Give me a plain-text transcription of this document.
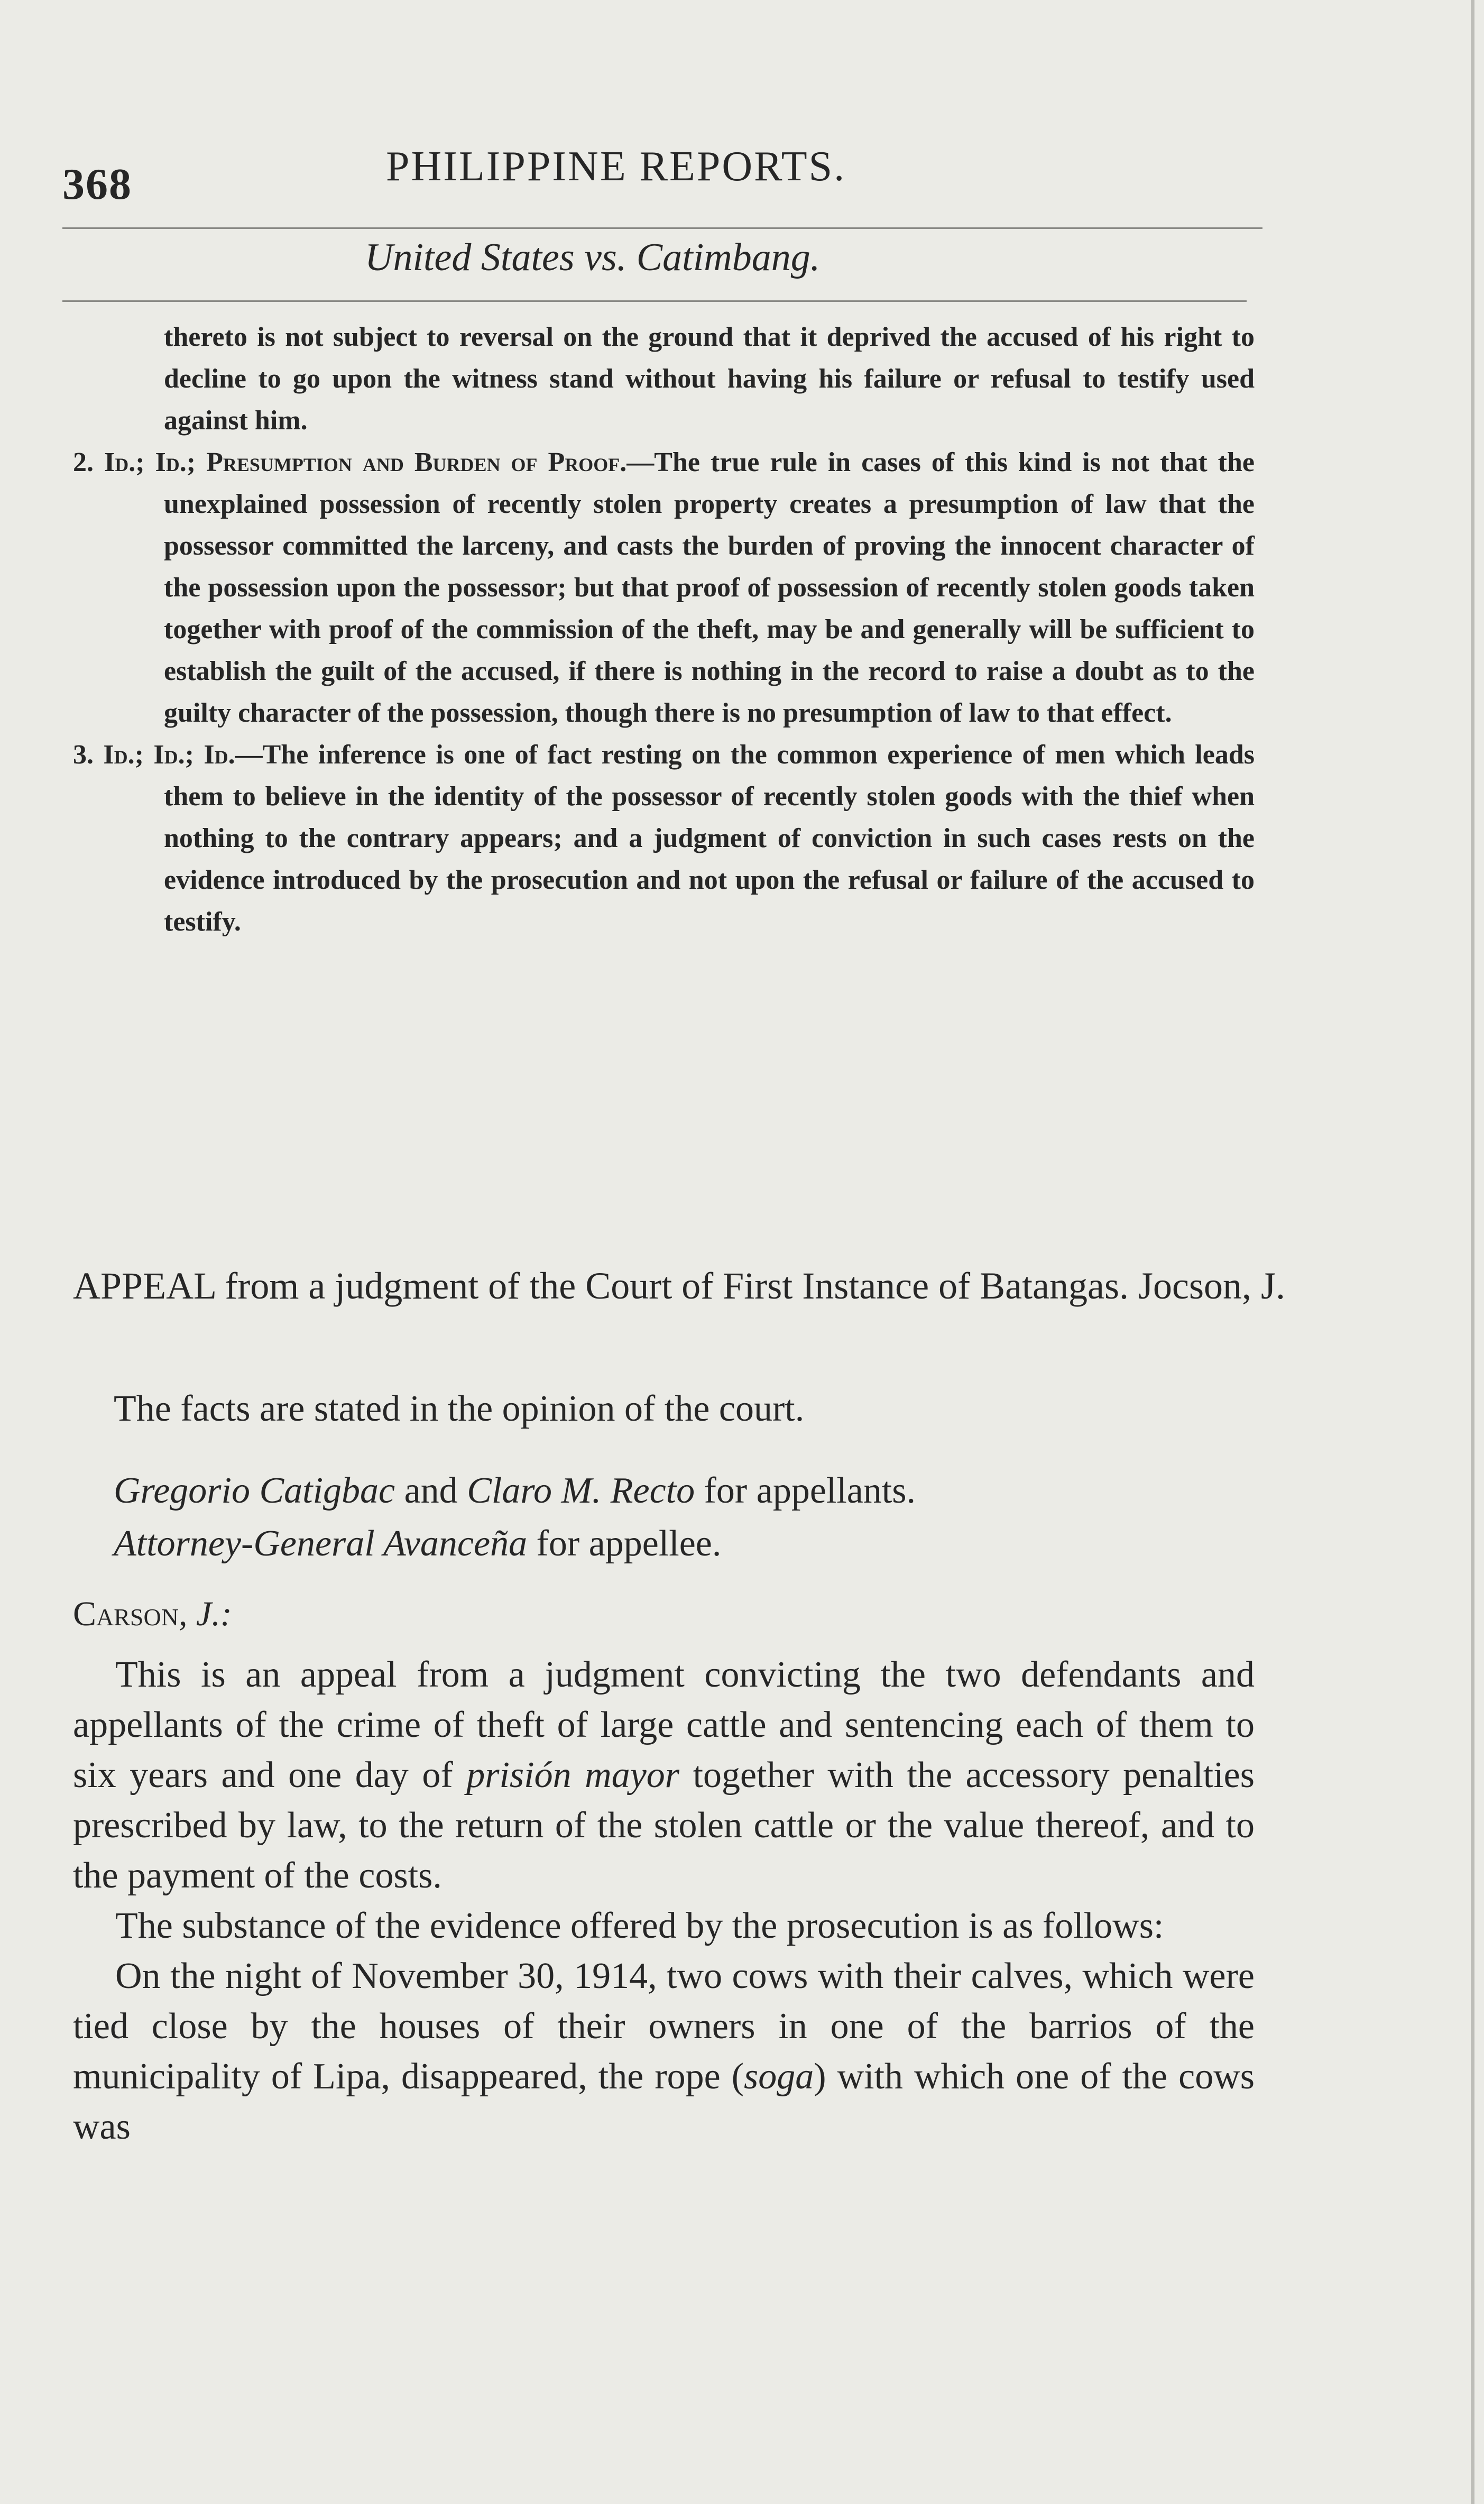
368	PHILIPPINE REPORTS.
United States vs. Catimbang.

thereto is not subject to reversal on the ground that it deprived the accused of his right to decline to go upon the witness stand without having his failure or refusal to testify used against him.

2. Id.; Id.; Presumption and Burden of Proof.—The true rule in cases of this kind is not that the unexplained possession of recently stolen property creates a presumption of law that the possessor committed the larceny, and casts the burden of proving the innocent character of the possession upon the possessor; but that proof of possession of recently stolen goods taken together with proof of the commission of the theft, may be and generally will be sufficient to establish the guilt of the accused, if there is nothing in the record to raise a doubt as to the guilty character of the possession, though there is no presumption of law to that effect.

3. Id.; Id.; Id.—The inference is one of fact resting on the common experience of men which leads them to believe in the identity of the possessor of recently stolen goods with the thief when nothing to the contrary appears; and a judgment of conviction in such cases rests on the evidence introduced by the prosecution and not upon the refusal or failure of the accused to testify.

APPEAL from a judgment of the Court of First Instance of Batangas. Jocson, J.

The facts are stated in the opinion of the court.

Gregorio Catigbac and Claro M. Recto for appellants.

Attorney-General Avanceña for appellee.

Carson, J.:

This is an appeal from a judgment convicting the two defendants and appellants of the crime of theft of large cattle and sentencing each of them to six years and one day of prisión mayor together with the accessory penalties prescribed by law, to the return of the stolen cattle or the value thereof, and to the payment of the costs.

The substance of the evidence offered by the prosecution is as follows:

On the night of November 30, 1914, two cows with their calves, which were tied close by the houses of their owners in one of the barrios of the municipality of Lipa, disappeared, the rope (soga) with which one of the cows was
